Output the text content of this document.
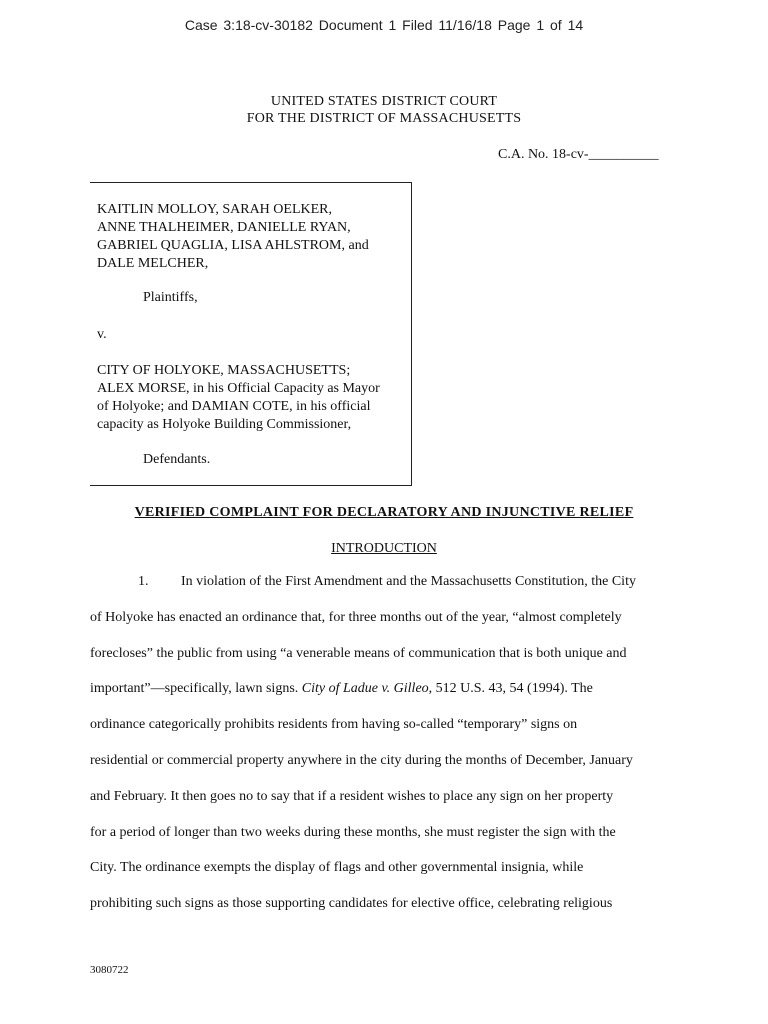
Case 3:18-cv-30182 Document 1 Filed 11/16/18 Page 1 of 14
UNITED STATES DISTRICT COURT
FOR THE DISTRICT OF MASSACHUSETTS
C.A. No. 18-cv-__________
KAITLIN MOLLOY, SARAH OELKER,
ANNE THALHEIMER, DANIELLE RYAN,
GABRIEL QUAGLIA, LISA AHLSTROM, and
DALE MELCHER,
Plaintiffs,
v.
CITY OF HOLYOKE, MASSACHUSETTS;
ALEX MORSE, in his Official Capacity as Mayor
of Holyoke; and DAMIAN COTE, in his official
capacity as Holyoke Building Commissioner,
Defendants.
VERIFIED COMPLAINT FOR DECLARATORY AND INJUNCTIVE RELIEF
INTRODUCTION
1. In violation of the First Amendment and the Massachusetts Constitution, the City
of Holyoke has enacted an ordinance that, for three months out of the year, “almost completely
forecloses” the public from using “a venerable means of communication that is both unique and
important”—specifically, lawn signs. City of Ladue v. Gilleo, 512 U.S. 43, 54 (1994). The
ordinance categorically prohibits residents from having so-called “temporary” signs on
residential or commercial property anywhere in the city during the months of December, January
and February. It then goes no to say that if a resident wishes to place any sign on her property
for a period of longer than two weeks during these months, she must register the sign with the
City. The ordinance exempts the display of flags and other governmental insignia, while
prohibiting such signs as those supporting candidates for elective office, celebrating religious
3080722
